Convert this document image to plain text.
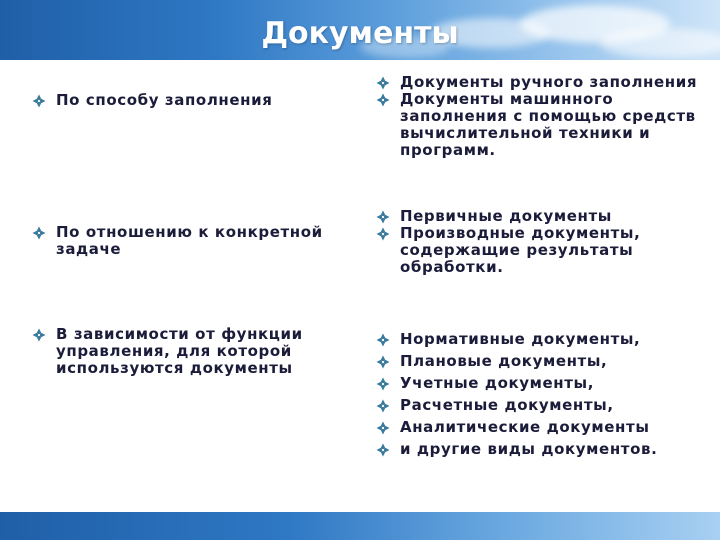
Документы
По способу заполнения
Документы ручного заполнения
Документы машинного заполнения с помощью средств вычислительной техники и программ.
По отношению к конкретной задаче
Первичные документы
Производные документы, содержащие результаты обработки.
В зависимости от функции управления, для которой используются документы
Нормативные документы,
Плановые документы,
Учетные документы,
Расчетные документы,
Аналитические документы
и другие виды документов.
